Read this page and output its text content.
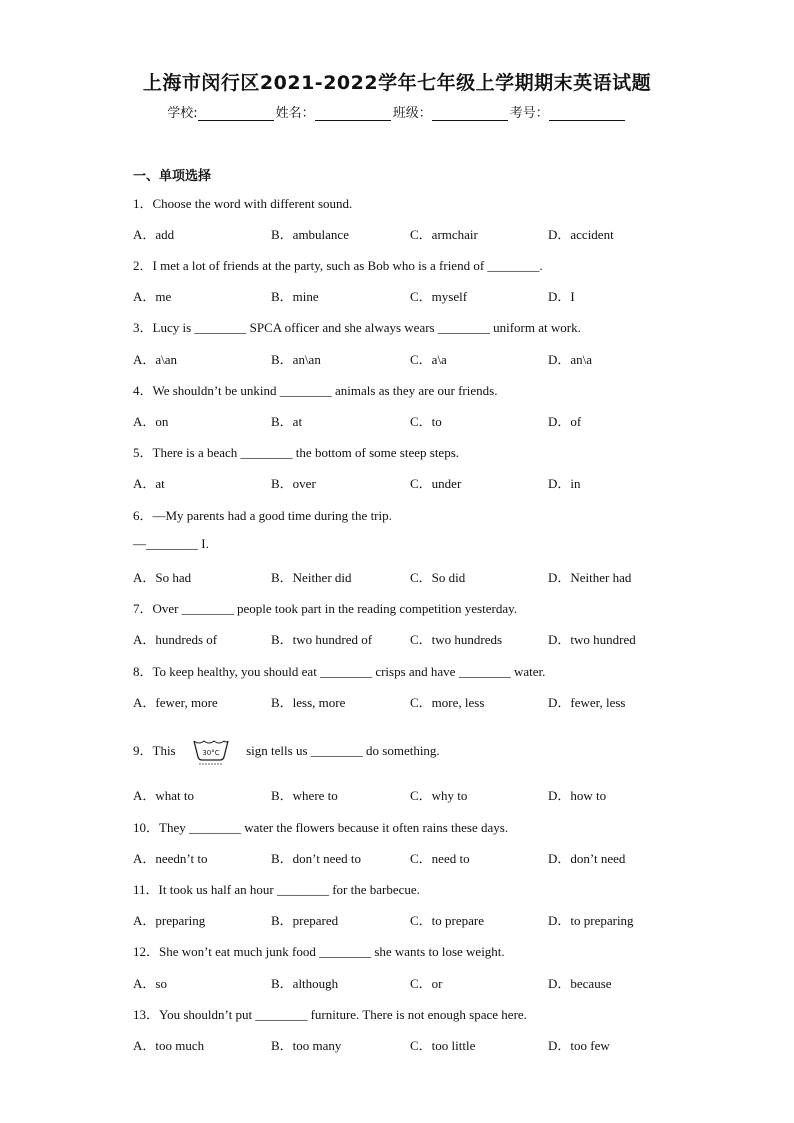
上海市闵行区2021-2022学年七年级上学期期末英语试题
学校:	姓名：	班级：	考号：
一、单项选择
1．Choose the word with different sound.
A．add	B．ambulance	C．armchair	D．accident
2．I met a lot of friends at the party, such as Bob who is a friend of ________.
A．me	B．mine	C．myself	D．I
3．Lucy is ________ SPCA officer and she always wears ________ uniform at work.
A．a\an	B．an\an	C．a\a	D．an\a
4．We shouldn’t be unkind ________ animals as they are our friends.
A．on	B．at	C．to	D．of
5．There is a beach ________ the bottom of some steep steps.
A．at	B．over	C．under	D．in
6．—My parents had a good time during the trip.
—________ I.
A．So had	B．Neither did	C．So did	D．Neither had
7．Over ________ people took part in the reading competition yesterday.
A．hundreds of	B．two hundred of	C．two hundreds	D．two hundred
8．To keep healthy, you should eat ________ crisps and have ________ water.
A．fewer, more	B．less, more	C．more, less	D．fewer, less
9．This	30°C sign tells us ________ do something.
A．what to	B．where to	C．why to	D．how to
10．They ________ water the flowers because it often rains these days.
A．needn’t to	B．don’t need to	C．need to	D．don’t need
11．It took us half an hour ________ for the barbecue.
A．preparing	B．prepared	C．to prepare	D．to preparing
12．She won’t eat much junk food ________ she wants to lose weight.
A．so	B．although	C．or	D．because
13．You shouldn’t put ________ furniture. There is not enough space here.
A．too much	B．too many	C．too little	D．too few
